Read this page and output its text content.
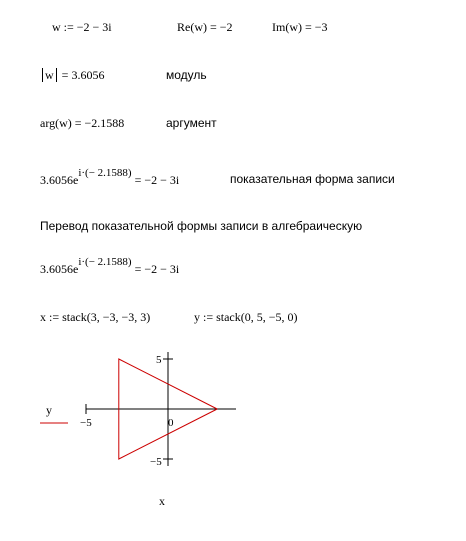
w := −2 − 3i	Re(w) = −2	Im(w) = −3
w = 3.6056	модуль
arg(w) = −2.1588	аргумент
3.6056ei·(− 2.1588) = −2 − 3i	показательная форма записи
Перевод показательной формы записи в алгебраическую
3.6056ei·(− 2.1588) = −2 − 3i
x := stack(3, −3, −3, 3)	y := stack(0, 5, −5, 0)
y
−5	0
5
−5
x
